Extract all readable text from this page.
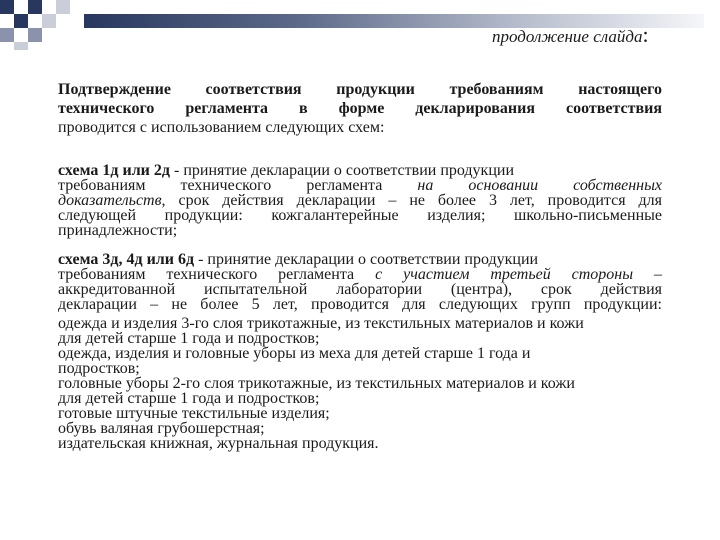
продолжение слайда:
Подтверждение соответствия продукции требованиям настоящего
технического регламента в форме декларирования соответствия
проводится с использованием следующих схем:
схема 1д или 2д - принятие декларации о соответствии продукции
требованиям технического регламента на основании собственных
доказательств, срок действия декларации – не более 3 лет, проводится для
следующей продукции: кожгалантерейные изделия; школьно-письменные
принадлежности;
схема 3д, 4д или 6д - принятие декларации о соответствии продукции
требованиям технического регламента с участием третьей стороны –
аккредитованной испытательной лаборатории (центра), срок действия
декларации – не более 5 лет, проводится для следующих групп продукции:
одежда и изделия 3-го слоя трикотажные, из текстильных материалов и кожи
для детей старше 1 года и подростков;
одежда, изделия и головные уборы из меха для детей старше 1 года и
подростков;
головные уборы 2-го слоя трикотажные, из текстильных материалов и кожи
для детей старше 1 года и подростков;
готовые штучные текстильные изделия;
обувь валяная грубошерстная;
издательская книжная, журнальная продукция.
